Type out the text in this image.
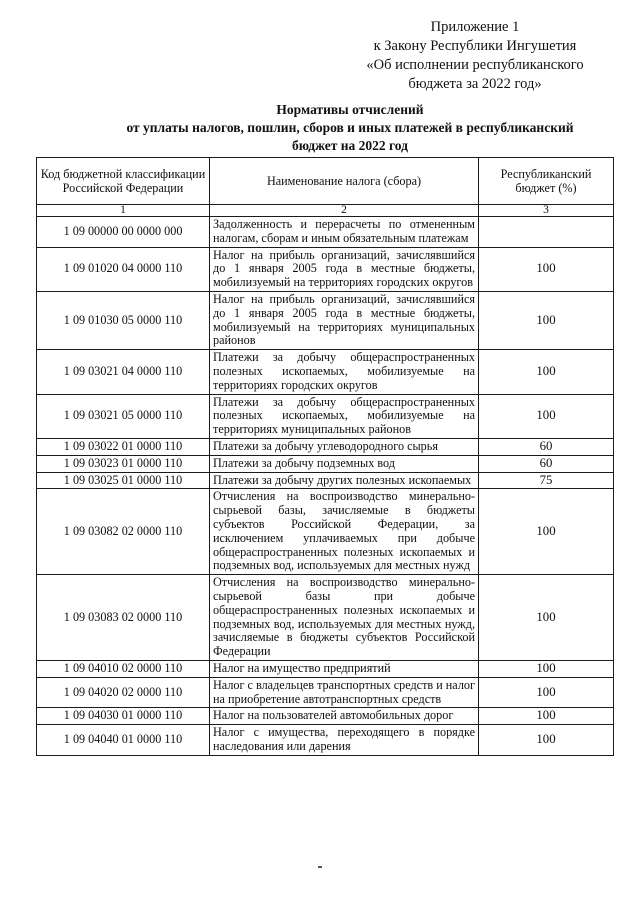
Приложение 1
к Закону Республики Ингушетия
«Об исполнении республиканского
бюджета за 2022 год»
Нормативы отчислений
от уплаты налогов, пошлин, сборов и иных платежей в республиканский
бюджет на 2022 год
Код бюджетной классификации Российской Федерации	Наименование налога (сбора)	Республиканский бюджет (%)
1	2	3
1 09 00000 00 0000 000	Задолженность и перерасчеты по отмененным налогам, сборам и иным обязательным платежам	
1 09 01020 04 0000 110	Налог на прибыль организаций, зачислявшийся до 1 января 2005 года в местные бюджеты, мобилизуемый на территориях городских округов	100
1 09 01030 05 0000 110	Налог на прибыль организаций, зачислявшийся до 1 января 2005 года в местные бюджеты, мобилизуемый на территориях муниципальных районов	100
1 09 03021 04 0000 110	Платежи за добычу общераспространенных полезных ископаемых, мобилизуемые на территориях городских округов	100
1 09 03021 05 0000 110	Платежи за добычу общераспространенных полезных ископаемых, мобилизуемые на территориях муниципальных районов	100
1 09 03022 01 0000 110	Платежи за добычу углеводородного сырья	60
1 09 03023 01 0000 110	Платежи за добычу подземных вод	60
1 09 03025 01 0000 110	Платежи за добычу других полезных ископаемых	75
1 09 03082 02 0000 110	Отчисления на воспроизводство минерально-сырьевой базы, зачисляемые в бюджеты субъектов Российской Федерации, за исключением уплачиваемых при добыче общераспространенных полезных ископаемых и подземных вод, используемых для местных нужд	100
1 09 03083 02 0000 110	Отчисления на воспроизводство минерально-сырьевой базы при добыче общераспространенных полезных ископаемых и подземных вод, используемых для местных нужд, зачисляемые в бюджеты субъектов Российской Федерации	100
1 09 04010 02 0000 110	Налог на имущество предприятий	100
1 09 04020 02 0000 110	Налог с владельцев транспортных средств и налог на приобретение автотранспортных средств	100
1 09 04030 01 0000 110	Налог на пользователей автомобильных дорог	100
1 09 04040 01 0000 110	Налог с имущества, переходящего в порядке наследования или дарения	100
